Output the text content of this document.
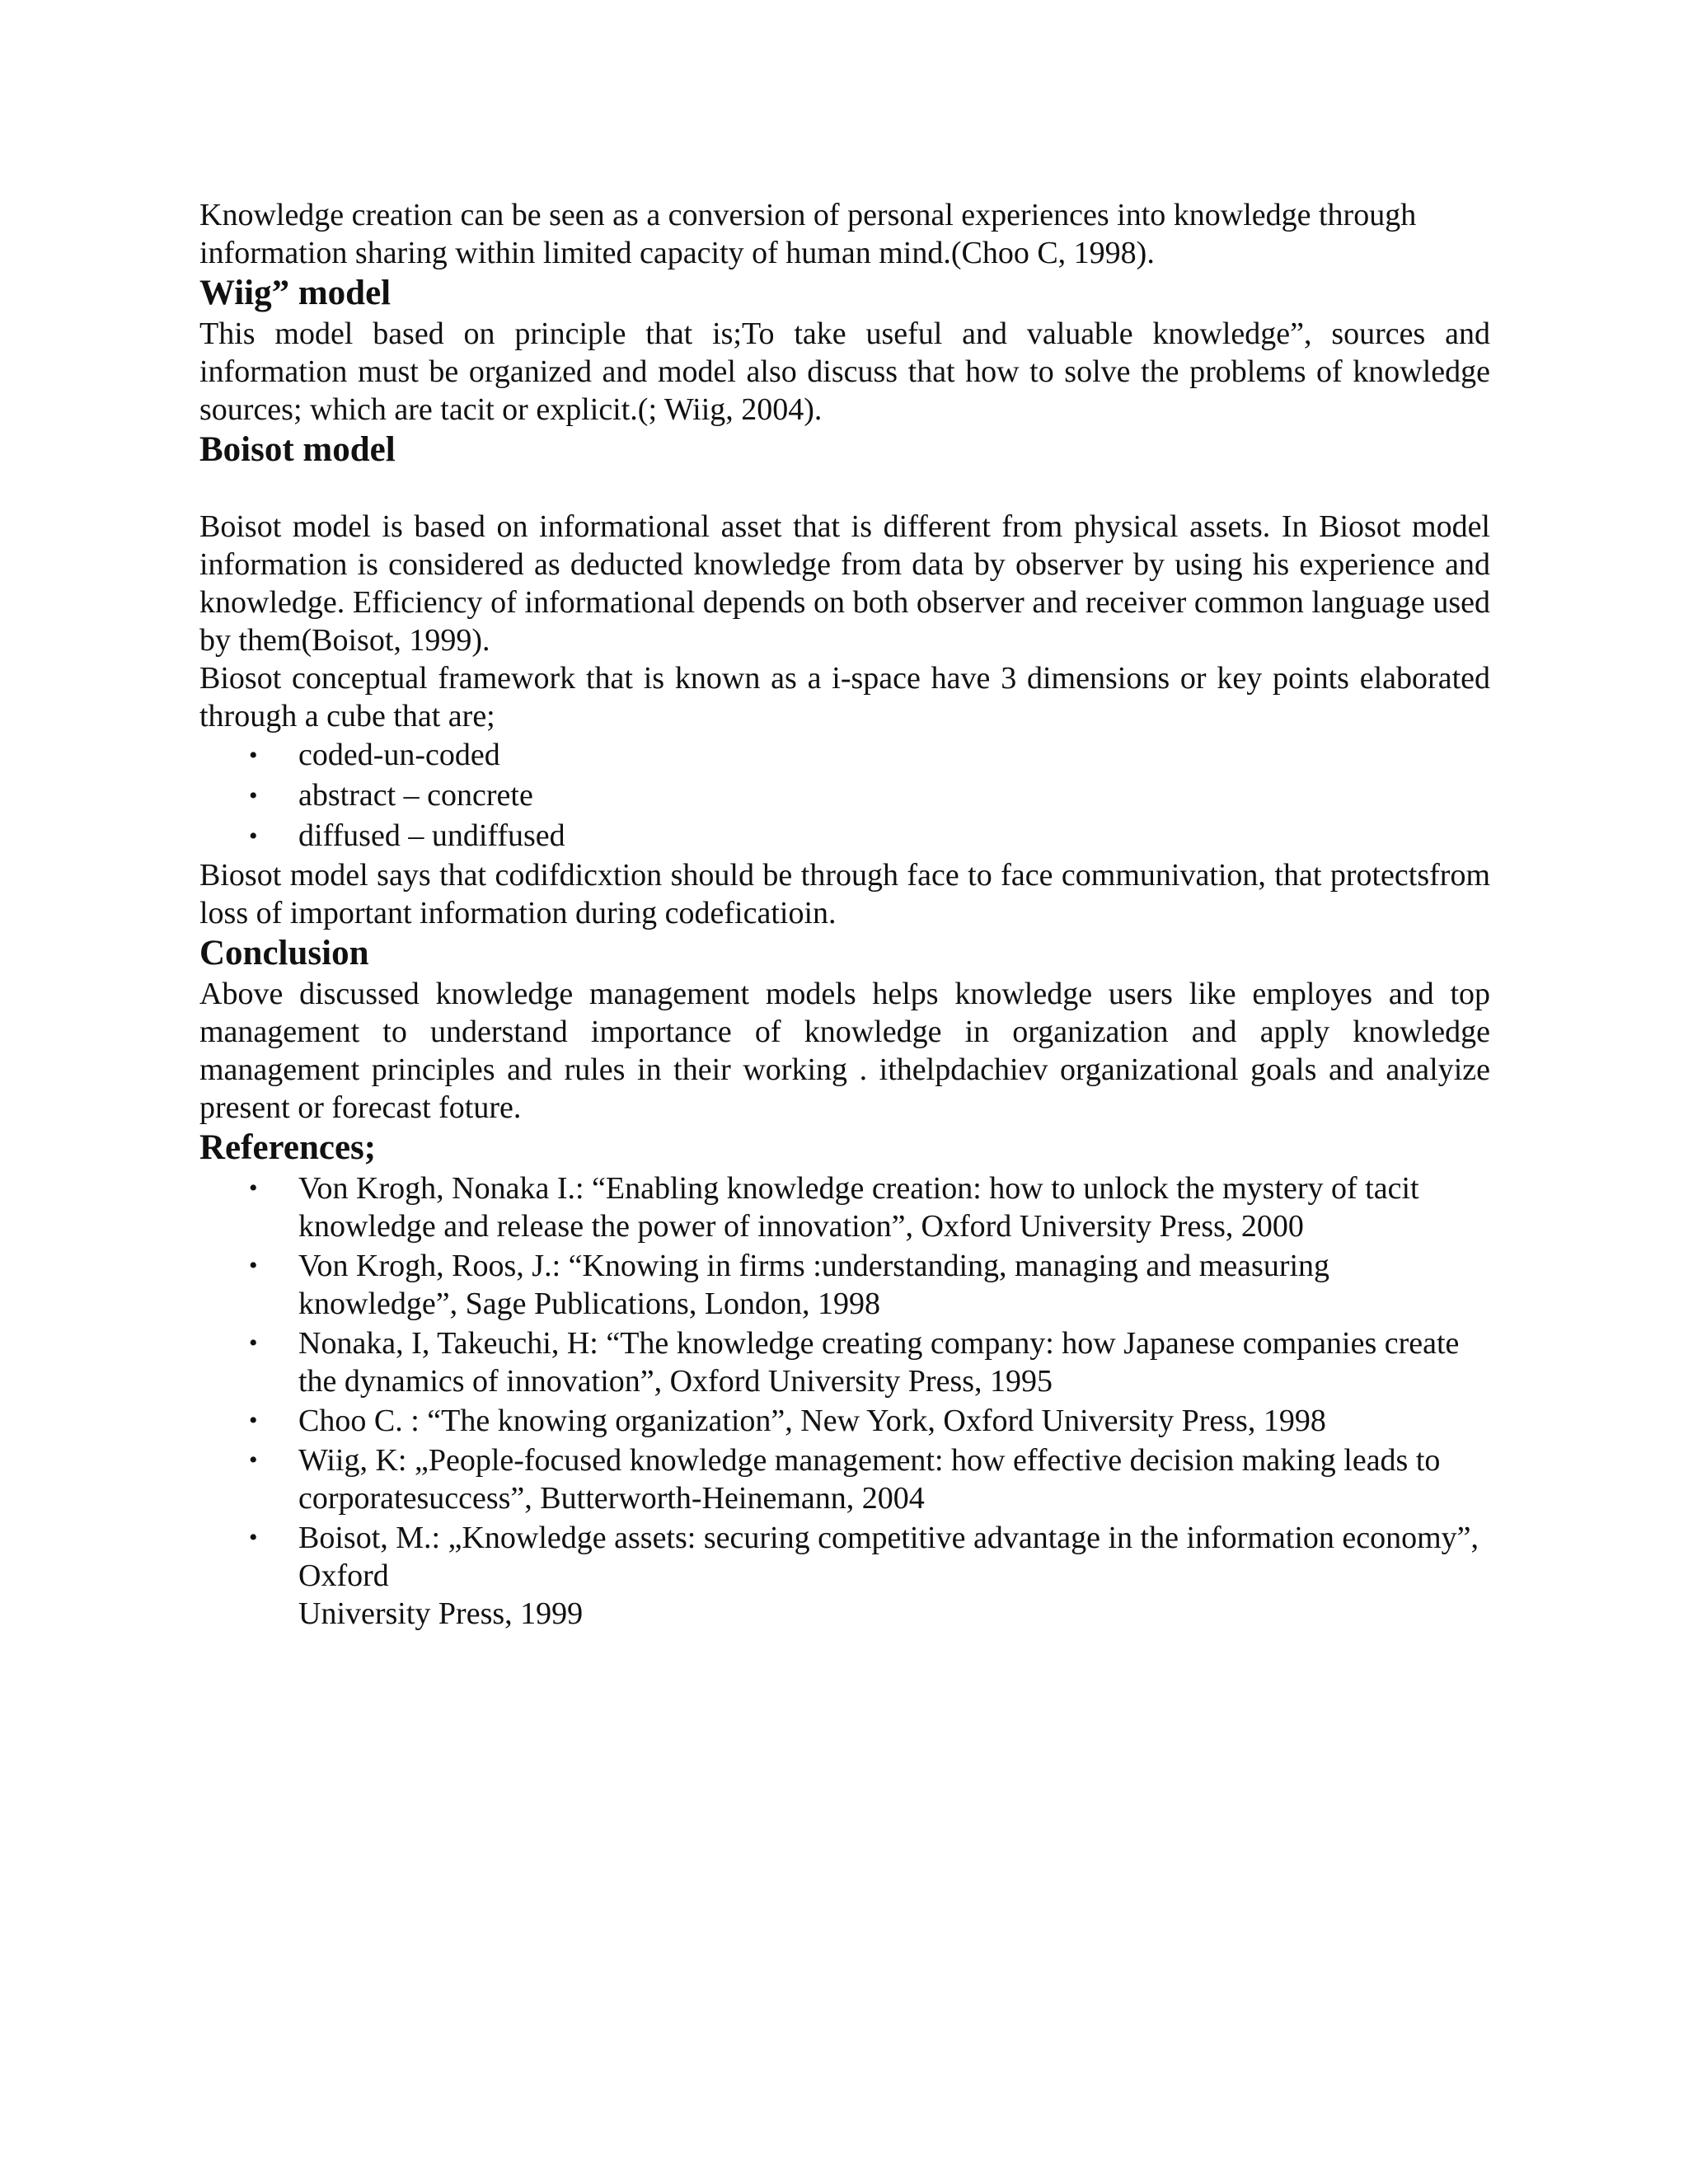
Knowledge creation can be seen as a conversion of personal experiences into knowledge through information sharing within limited capacity of human mind.(Choo C, 1998).

Wiig” model

This model based on principle that is;To take useful and valuable knowledge”, sources and information must be organized and model also discuss that how to solve the problems of knowledge sources; which are tacit or explicit.(; Wiig, 2004).

Boisot model

Boisot model is based on informational asset that is different from physical assets. In Biosot model information is considered as deducted knowledge from data by observer by using his experience and knowledge. Efficiency of informational depends on both observer and receiver common language used by them(Boisot, 1999).

Biosot conceptual framework that is known as a i-space have 3 dimensions or key points elaborated through a cube that are;

• coded-un-coded
• abstract – concrete
• diffused – undiffused

Biosot model says that codifdicxtion should be through face to face communivation, that protectsfrom loss of important information during codeficatioin.

Conclusion

Above discussed knowledge management models helps knowledge users like employes and top management to understand importance of knowledge in organization and apply knowledge management principles and rules in their working . ithelpdachiev organizational goals and analyize present or forecast foture.

References;
• Von Krogh, Nonaka I.: “Enabling knowledge creation: how to unlock the mystery of tacit knowledge and release the power of innovation”, Oxford University Press, 2000
• Von Krogh, Roos, J.: “Knowing in firms :understanding, managing and measuring knowledge”, Sage Publications, London, 1998
• Nonaka, I, Takeuchi, H: “The knowledge creating company: how Japanese companies create the dynamics of innovation”, Oxford University Press, 1995
• Choo C. : “The knowing organization”, New York, Oxford University Press, 1998
• Wiig, K: „People-focused knowledge management: how effective decision making leads to corporatesuccess”, Butterworth-Heinemann, 2004
• Boisot, M.: „Knowledge assets: securing competitive advantage in the information economy”, Oxford
University Press, 1999
